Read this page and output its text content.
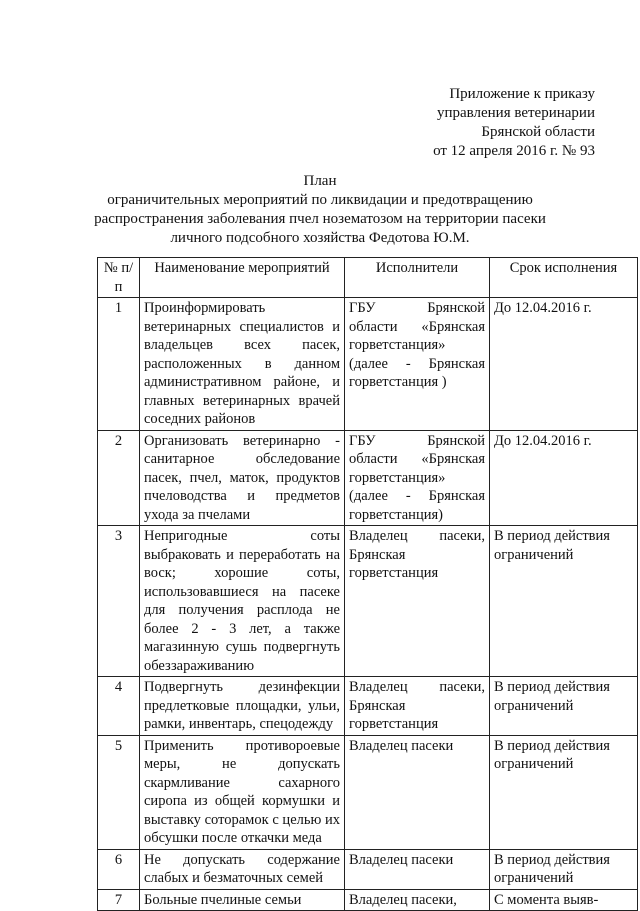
Приложение к приказу
управления ветеринарии
Брянской области
от 12 апреля 2016 г. № 93
План
ограничительных мероприятий по ликвидации и предотвращению
распространения заболевания пчел нозематозом на территории пасеки
личного подсобного хозяйства Федотова Ю.М.
№ п/п	Наименование мероприятий	Исполнители	Срок исполнения
1	Проинформировать ветеринарных специалистов и владельцев всех пасек, расположенных в данном административном районе, и главных ветеринарных врачей соседних районов	ГБУ Брянской области «Брянская горветстанция» (далее - Брянская горветстанция )	До 12.04.2016 г.
2	Организовать ветеринарно - санитарное обследование пасек, пчел, маток, продуктов пчеловодства и предметов ухода за пчелами	ГБУ Брянской области «Брянская горветстанция» (далее - Брянская горветстанция)	До 12.04.2016 г.
3	Непригодные соты выбраковать и переработать на воск; хорошие соты, использовавшиеся на пасеке для получения расплода не более 2 - 3 лет, а также магазинную сушь подвергнуть обеззараживанию	Владелец пасеки, Брянская горветстанция	В период действия ограничений
4	Подвергнуть дезинфекции предлетковые площадки, ульи, рамки, инвентарь, спецодежду	Владелец пасеки, Брянская горветстанция	В период действия ограничений
5	Применить противороевые меры, не допускать скармливание сахарного сиропа из общей кормушки и выставку соторамок с целью их обсушки после откачки меда	Владелец пасеки	В период действия ограничений
6	Не допускать содержание слабых и безматочных семей	Владелец пасеки	В период действия ограничений
7	Больные пчелиные семьи	Владелец пасеки,	С момента выяв-
